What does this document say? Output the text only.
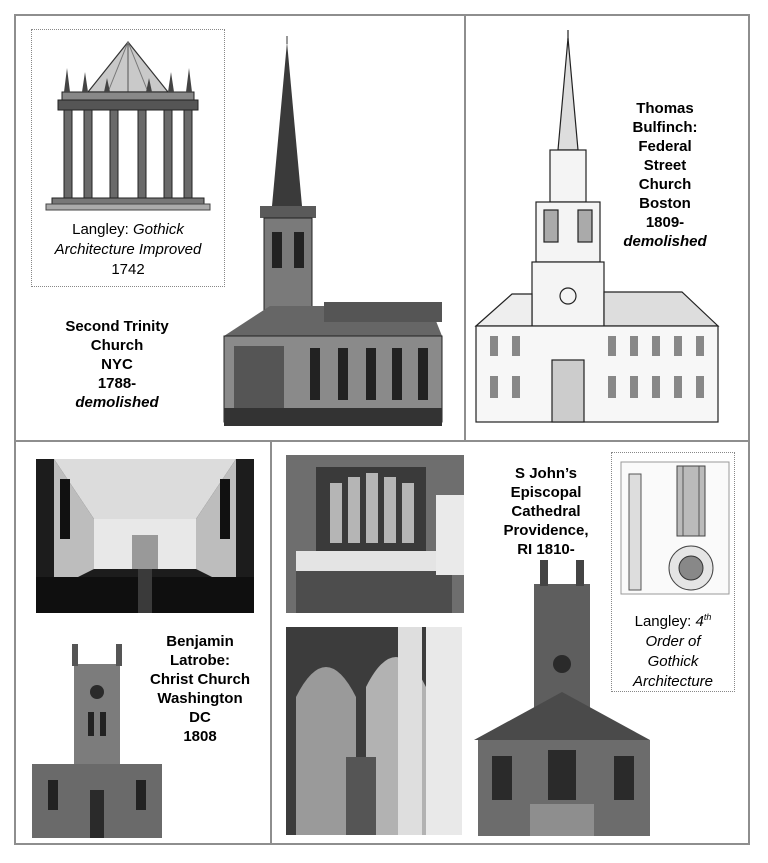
Langley: Gothick Architecture Improved 1742
Second Trinity
Church
NYC
1788-
demolished
Thomas
Bulfinch:
Federal
Street
Church
Boston
1809-
demolished
Benjamin
Latrobe:
Christ Church
Washington
DC
1808
S John’s
Episcopal
Cathedral
Providence,
RI 1810-
Langley: 4th
Order of
Gothick
Architecture
